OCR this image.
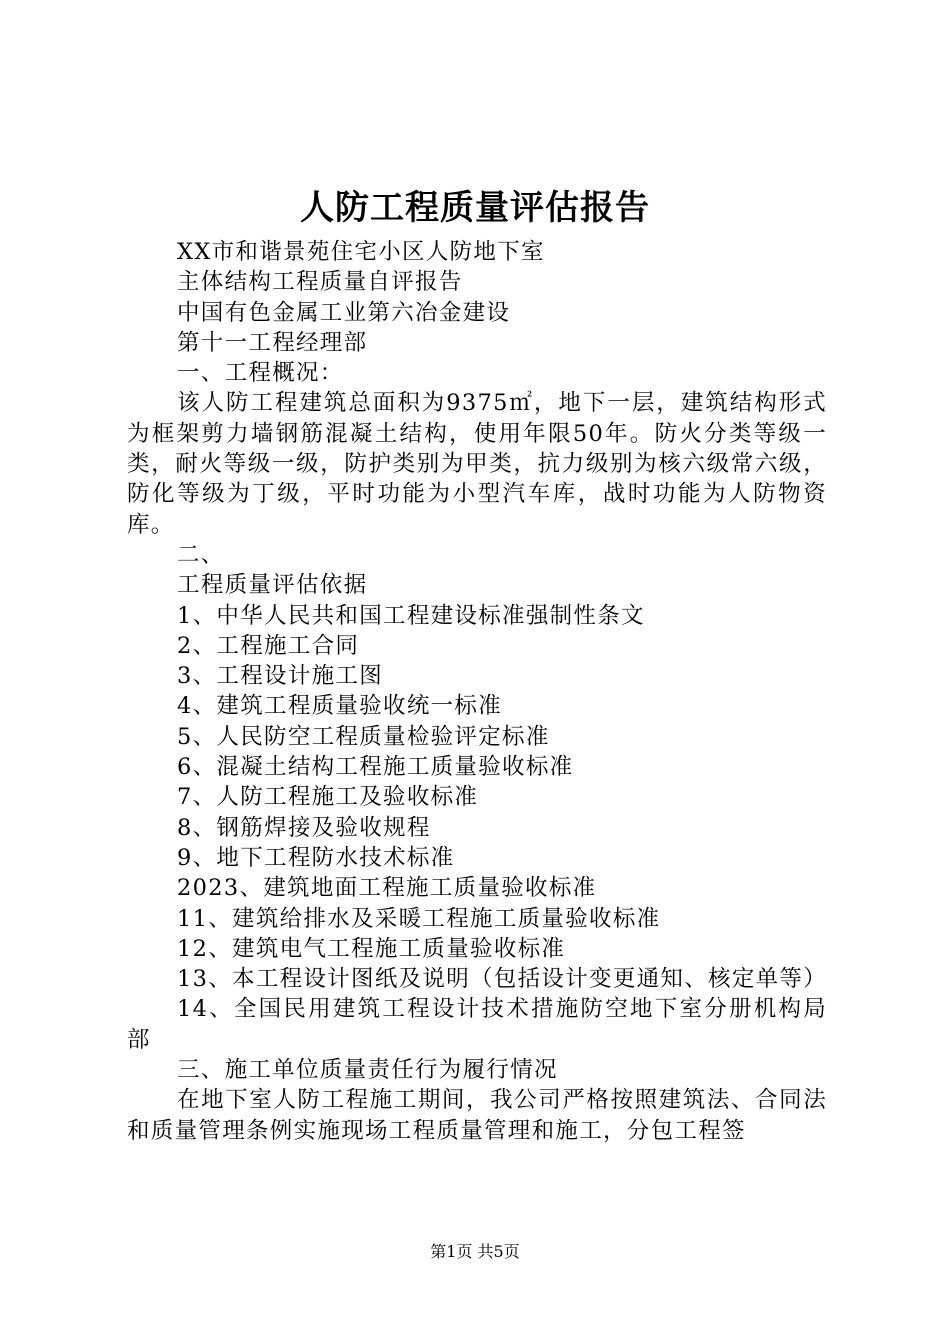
人防工程质量评估报告

XX市和谐景苑住宅小区人防地下室

主体结构工程质量自评报告

中国有色金属工业第六冶金建设

第十一工程经理部

一、工程概况：

该人防工程建筑总面积为9375㎡，地下一层，建筑结构形式为框架剪力墙钢筋混凝土结构，使用年限50年。防火分类等级一类，耐火等级一级，防护类别为甲类，抗力级别为核六级常六级，防化等级为丁级，平时功能为小型汽车库，战时功能为人防物资库。

二、

工程质量评估依据

1、中华人民共和国工程建设标准强制性条文

2、工程施工合同

3、工程设计施工图

4、建筑工程质量验收统一标准

5、人民防空工程质量检验评定标准

6、混凝土结构工程施工质量验收标准

7、人防工程施工及验收标准

8、钢筋焊接及验收规程

9、地下工程防水技术标准

2023、建筑地面工程施工质量验收标准

11、建筑给排水及采暖工程施工质量验收标准

12、建筑电气工程施工质量验收标准

13、本工程设计图纸及说明（包括设计变更通知、核定单等）

14、全国民用建筑工程设计技术措施防空地下室分册机构局部

三、施工单位质量责任行为履行情况

在地下室人防工程施工期间，我公司严格按照建筑法、合同法和质量管理条例实施现场工程质量管理和施工，分包工程签

第1页 共5页
